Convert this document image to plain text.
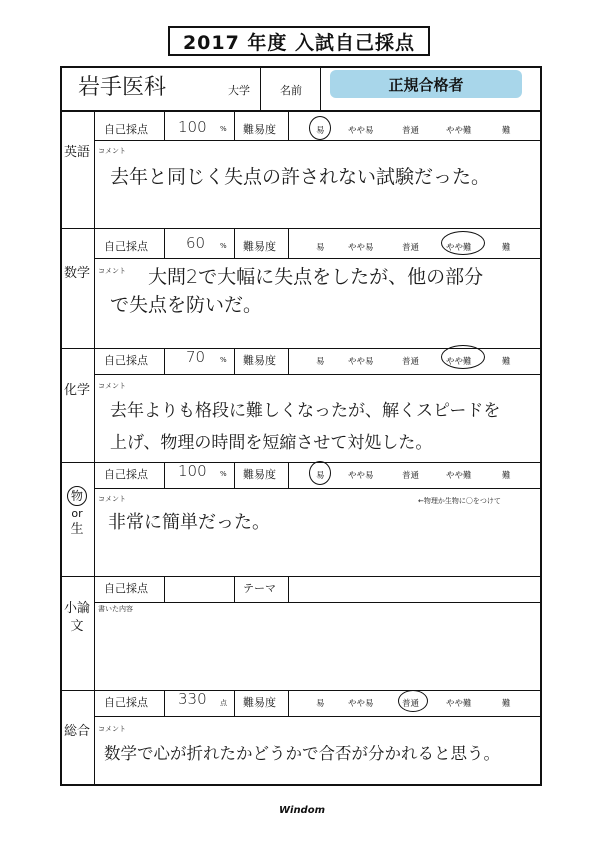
2017 年度 入試自己採点
岩手医科	大学	名前	正規合格者
英語
自己採点 100 % 難易度	易	やや易	普通	やや難	難
コメント
去年と同じく失点の許されない試験だった。
数学
自己採点	60 % 難易度	易	やや易	普通	やや難	難
コメント 大問2で大幅に失点をしたが、他の部分
で失点を防いだ。
化学
自己採点	70 % 難易度	易	やや易	普通	やや難	難
コメント
去年よりも格段に難しくなったが、解くスピードを
上げ、物理の時間を短縮させて対処した。
物
or
生
自己採点 100 % 難易度	易	やや易	普通	やや難	難
コメント	←物理か生物に〇をつけて
非常に簡単だった。
小論文
自己採点	テーマ
書いた内容
総合
自己採点 330 点 難易度	易	やや易	普通	やや難	難
コメント
数学で心が折れたかどうかで合否が分かれると思う。
Windom
